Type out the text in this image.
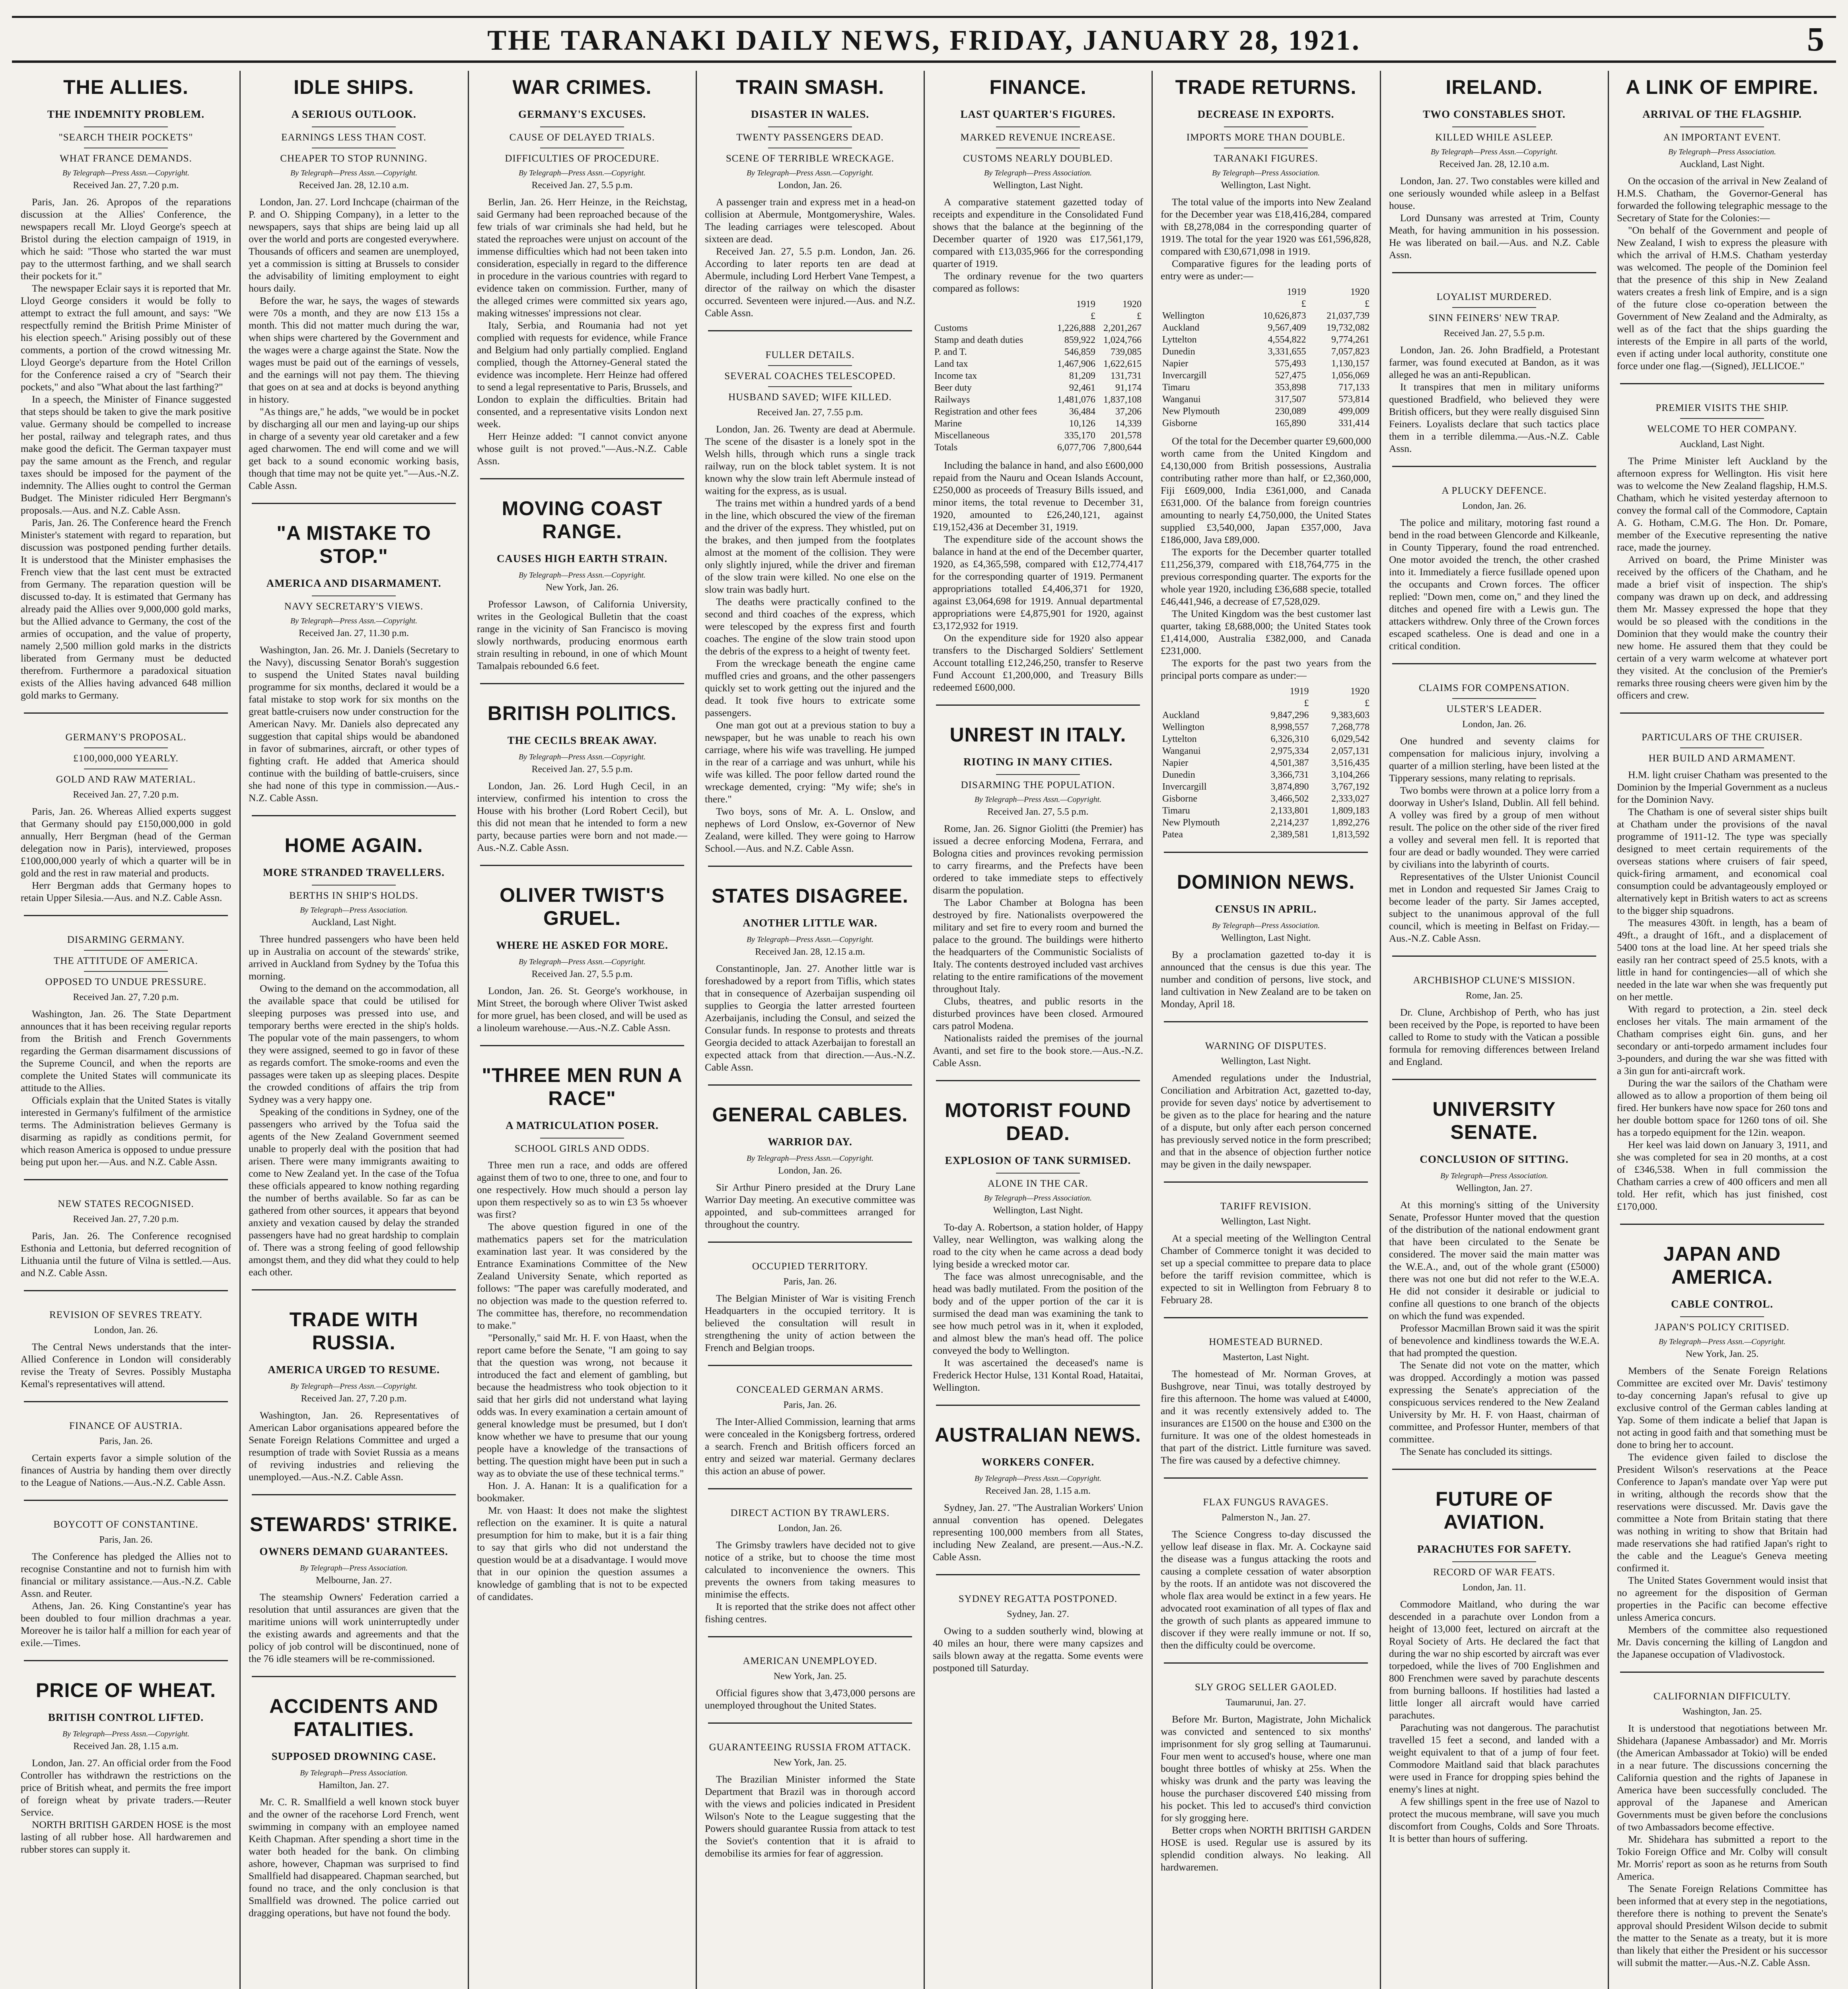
THE TARANAKI DAILY NEWS, FRIDAY, JANUARY 28, 1921.	5
THE ALLIES.
THE INDEMNITY PROBLEM.
"SEARCH THEIR POCKETS"
WHAT FRANCE DEMANDS.
By Telegraph—Press Assn.—Copyright.
Received Jan. 27, 7.20 p.m.

Paris, Jan. 26. Apropos of the reparations discussion at the Allies' Conference, the newspapers recall Mr. Lloyd George's speech at Bristol during the election campaign of 1919, in which he said: "Those who started the war must pay to the uttermost farthing, and we shall search their pockets for it."

The newspaper Eclair says it is reported that Mr. Lloyd George considers it would be folly to attempt to extract the full amount, and says: "We respectfully remind the British Prime Minister of his election speech." Arising possibly out of these comments, a portion of the crowd witnessing Mr. Lloyd George's departure from the Hotel Crillon for the Conference raised a cry of "Search their pockets," and also "What about the last farthing?"

In a speech, the Minister of Finance suggested that steps should be taken to give the mark positive value. Germany should be compelled to increase her postal, railway and telegraph rates, and thus make good the deficit. The German taxpayer must pay the same amount as the French, and regular taxes should be imposed for the payment of the indemnity. The Allies ought to control the German Budget. The Minister ridiculed Herr Bergmann's proposals.—Aus. and N.Z. Cable Assn.

Paris, Jan. 26. The Conference heard the French Minister's statement with regard to reparation, but discussion was postponed pending further details. It is understood that the Minister emphasises the French view that the last cent must be extracted from Germany. The reparation question will be discussed to-day. It is estimated that Germany has already paid the Allies over 9,000,000 gold marks, but the Allied advance to Germany, the cost of the armies of occupation, and the value of property, namely 2,500 million gold marks in the districts liberated from Germany must be deducted therefrom. Furthermore a paradoxical situation exists of the Allies having advanced 648 million gold marks to Germany.

GERMANY'S PROPOSAL.
£100,000,000 YEARLY.
GOLD AND RAW MATERIAL.
Received Jan. 27, 7.20 p.m.

Paris, Jan. 26. Whereas Allied experts suggest that Germany should pay £150,000,000 in gold annually, Herr Bergman (head of the German delegation now in Paris), interviewed, proposes £100,000,000 yearly of which a quarter will be in gold and the rest in raw material and products.

Herr Bergman adds that Germany hopes to retain Upper Silesia.—Aus. and N.Z. Cable Assn.

DISARMING GERMANY.
THE ATTITUDE OF AMERICA.
OPPOSED TO UNDUE PRESSURE.
Received Jan. 27, 7.20 p.m.

Washington, Jan. 26. The State Department announces that it has been receiving regular reports from the British and French Governments regarding the German disarmament discussions of the Supreme Council, and when the reports are complete the United States will communicate its attitude to the Allies.

Officials explain that the United States is vitally interested in Germany's fulfilment of the armistice terms. The Administration believes Germany is disarming as rapidly as conditions permit, for which reason America is opposed to undue pressure being put upon her.—Aus. and N.Z. Cable Assn.

NEW STATES RECOGNISED.
Received Jan. 27, 7.20 p.m.

Paris, Jan. 26. The Conference recognised Esthonia and Lettonia, but deferred recognition of Lithuania until the future of Vilna is settled.—Aus. and N.Z. Cable Assn.

REVISION OF SEVRES TREATY.
London, Jan. 26.

The Central News understands that the inter-Allied Conference in London will considerably revise the Treaty of Sevres. Possibly Mustapha Kemal's representatives will attend.

FINANCE OF AUSTRIA.
Paris, Jan. 26.

Certain experts favor a simple solution of the finances of Austria by handing them over directly to the League of Nations.—Aus.-N.Z. Cable Assn.

BOYCOTT OF CONSTANTINE.
Paris, Jan. 26.

The Conference has pledged the Allies not to recognise Constantine and not to furnish him with financial or military assistance.—Aus.-N.Z. Cable Assn. and Reuter.

Athens, Jan. 26. King Constantine's year has been doubled to four million drachmas a year. Moreover he is tailor half a million for each year of exile.—Times.

PRICE OF WHEAT.
BRITISH CONTROL LIFTED.
By Telegraph—Press Assn.—Copyright.
Received Jan. 28, 1.15 a.m.

London, Jan. 27. An official order from the Food Controller has withdrawn the restrictions on the price of British wheat, and permits the free import of foreign wheat by private traders.—Reuter Service.

NORTH BRITISH GARDEN HOSE is the most lasting of all rubber hose. All hardwaremen and rubber stores can supply it.

IDLE SHIPS.
A SERIOUS OUTLOOK.
EARNINGS LESS THAN COST.
CHEAPER TO STOP RUNNING.
By Telegraph—Press Assn.—Copyright.
Received Jan. 28, 12.10 a.m.

London, Jan. 27. Lord Inchcape (chairman of the P. and O. Shipping Company), in a letter to the newspapers, says that ships are being laid up all over the world and ports are congested everywhere. Thousands of officers and seamen are unemployed, yet a commission is sitting at Brussels to consider the advisability of limiting employment to eight hours daily.

Before the war, he says, the wages of stewards were 70s a month, and they are now £13 15s a month. This did not matter much during the war, when ships were chartered by the Government and the wages were a charge against the State. Now the wages must be paid out of the earnings of vessels, and the earnings will not pay them. The thieving that goes on at sea and at docks is beyond anything in history.

"As things are," he adds, "we would be in pocket by discharging all our men and laying-up our ships in charge of a seventy year old caretaker and a few aged charwomen. The end will come and we will get back to a sound economic working basis, though that time may not be quite yet."—Aus.-N.Z. Cable Assn.

"A MISTAKE TO STOP."
AMERICA AND DISARMAMENT.
NAVY SECRETARY'S VIEWS.
By Telegraph—Press Assn.—Copyright.
Received Jan. 27, 11.30 p.m.

Washington, Jan. 26. Mr. J. Daniels (Secretary to the Navy), discussing Senator Borah's suggestion to suspend the United States naval building programme for six months, declared it would be a fatal mistake to stop work for six months on the great battle-cruisers now under construction for the American Navy. Mr. Daniels also deprecated any suggestion that capital ships would be abandoned in favor of submarines, aircraft, or other types of fighting craft. He added that America should continue with the building of battle-cruisers, since she had none of this type in commission.—Aus.-N.Z. Cable Assn.

HOME AGAIN.
MORE STRANDED TRAVELLERS.
BERTHS IN SHIP'S HOLDS.
By Telegraph—Press Association.
Auckland, Last Night.

Three hundred passengers who have been held up in Australia on account of the stewards' strike, arrived in Auckland from Sydney by the Tofua this morning.

Owing to the demand on the accommodation, all the available space that could be utilised for sleeping purposes was pressed into use, and temporary berths were erected in the ship's holds. The popular vote of the main passengers, to whom they were assigned, seemed to go in favor of these as regards comfort. The smoke-rooms and even the passages were taken up as sleeping places. Despite the crowded conditions of affairs the trip from Sydney was a very happy one.

Speaking of the conditions in Sydney, one of the passengers who arrived by the Tofua said the agents of the New Zealand Government seemed unable to properly deal with the position that had arisen. There were many immigrants awaiting to come to New Zealand yet. In the case of the Tofua these officials appeared to know nothing regarding the number of berths available. So far as can be gathered from other sources, it appears that beyond anxiety and vexation caused by delay the stranded passengers have had no great hardship to complain of. There was a strong feeling of good fellowship amongst them, and they did what they could to help each other.

TRADE WITH RUSSIA.
AMERICA URGED TO RESUME.
By Telegraph—Press Assn.—Copyright.
Received Jan. 27, 7.20 p.m.

Washington, Jan. 26. Representatives of American Labor organisations appeared before the Senate Foreign Relations Committee and urged a resumption of trade with Soviet Russia as a means of reviving industries and relieving the unemployed.—Aus.-N.Z. Cable Assn.

STEWARDS' STRIKE.
OWNERS DEMAND GUARANTEES.
By Telegraph—Press Association.
Melbourne, Jan. 27.

The steamship Owners' Federation carried a resolution that until assurances are given that the maritime unions will work uninterruptedly under the existing awards and agreements and that the policy of job control will be discontinued, none of the 76 idle steamers will be re-commissioned.

ACCIDENTS AND FATALITIES.
SUPPOSED DROWNING CASE.
By Telegraph—Press Association.
Hamilton, Jan. 27.

Mr. C. R. Smallfield a well known stock buyer and the owner of the racehorse Lord French, went swimming in company with an employee named Keith Chapman. After spending a short time in the water both headed for the bank. On climbing ashore, however, Chapman was surprised to find Smallfield had disappeared. Chapman searched, but found no trace, and the only conclusion is that Smallfield was drowned. The police carried out dragging operations, but have not found the body.

WAR CRIMES.
GERMANY'S EXCUSES.
CAUSE OF DELAYED TRIALS.
DIFFICULTIES OF PROCEDURE.
By Telegraph—Press Assn.—Copyright.
Received Jan. 27, 5.5 p.m.

Berlin, Jan. 26. Herr Heinze, in the Reichstag, said Germany had been reproached because of the few trials of war criminals she had held, but he stated the reproaches were unjust on account of the immense difficulties which had not been taken into consideration, especially in regard to the difference in procedure in the various countries with regard to evidence taken on commission. Further, many of the alleged crimes were committed six years ago, making witnesses' impressions not clear.

Italy, Serbia, and Roumania had not yet complied with requests for evidence, while France and Belgium had only partially complied. England complied, though the Attorney-General stated the evidence was incomplete. Herr Heinze had offered to send a legal representative to Paris, Brussels, and London to explain the difficulties. Britain had consented, and a representative visits London next week.

Herr Heinze added: "I cannot convict anyone whose guilt is not proved."—Aus.-N.Z. Cable Assn.

MOVING COAST RANGE.
CAUSES HIGH EARTH STRAIN.
By Telegraph—Press Assn.—Copyright.
New York, Jan. 26.

Professor Lawson, of California University, writes in the Geological Bulletin that the coast range in the vicinity of San Francisco is moving slowly northwards, producing enormous earth strain resulting in rebound, in one of which Mount Tamalpais rebounded 6.6 feet.

BRITISH POLITICS.
THE CECILS BREAK AWAY.
By Telegraph—Press Assn.—Copyright.
Received Jan. 27, 5.5 p.m.

London, Jan. 26. Lord Hugh Cecil, in an interview, confirmed his intention to cross the House with his brother (Lord Robert Cecil), but this did not mean that he intended to form a new party, because parties were born and not made.—Aus.-N.Z. Cable Assn.

OLIVER TWIST'S GRUEL.
WHERE HE ASKED FOR MORE.
By Telegraph—Press Assn.—Copyright.
Received Jan. 27, 5.5 p.m.

London, Jan. 26. St. George's workhouse, in Mint Street, the borough where Oliver Twist asked for more gruel, has been closed, and will be used as a linoleum warehouse.—Aus.-N.Z. Cable Assn.

"THREE MEN RUN A RACE"
A MATRICULATION POSER.
SCHOOL GIRLS AND ODDS.

Three men run a race, and odds are offered against them of two to one, three to one, and four to one respectively. How much should a person lay upon them respectively so as to win £3 5s whoever was first?

The above question figured in one of the mathematics papers set for the matriculation examination last year. It was considered by the Entrance Examinations Committee of the New Zealand University Senate, which reported as follows: "The paper was carefully moderated, and no objection was made to the question referred to. The committee has, therefore, no recommendation to make."

"Personally," said Mr. H. F. von Haast, when the report came before the Senate, "I am going to say that the question was wrong, not because it introduced the fact and element of gambling, but because the headmistress who took objection to it said that her girls did not understand what laying odds was. In every examination a certain amount of general knowledge must be presumed, but I don't know whether we have to presume that our young people have a knowledge of the transactions of betting. The question might have been put in such a way as to obviate the use of these technical terms."

Hon. J. A. Hanan: It is a qualification for a bookmaker.

Mr. von Haast: It does not make the slightest reflection on the examiner. It is quite a natural presumption for him to make, but it is a fair thing to say that girls who did not understand the question would be at a disadvantage. I would move that in our opinion the question assumes a knowledge of gambling that is not to be expected of candidates.

TRAIN SMASH.
DISASTER IN WALES.
TWENTY PASSENGERS DEAD.
SCENE OF TERRIBLE WRECKAGE.
By Telegraph—Press Assn.—Copyright.
London, Jan. 26.

A passenger train and express met in a head-on collision at Abermule, Montgomeryshire, Wales. The leading carriages were telescoped. About sixteen are dead.

Received Jan. 27, 5.5 p.m. London, Jan. 26. According to later reports ten are dead at Abermule, including Lord Herbert Vane Tempest, a director of the railway on which the disaster occurred. Seventeen were injured.—Aus. and N.Z. Cable Assn.

FULLER DETAILS.
SEVERAL COACHES TELESCOPED.
HUSBAND SAVED; WIFE KILLED.
Received Jan. 27, 7.55 p.m.

London, Jan. 26. Twenty are dead at Abermule. The scene of the disaster is a lonely spot in the Welsh hills, through which runs a single track railway, run on the block tablet system. It is not known why the slow train left Abermule instead of waiting for the express, as is usual.

The trains met within a hundred yards of a bend in the line, which obscured the view of the fireman and the driver of the express. They whistled, put on the brakes, and then jumped from the footplates almost at the moment of the collision. They were only slightly injured, while the driver and fireman of the slow train were killed. No one else on the slow train was badly hurt.

The deaths were practically confined to the second and third coaches of the express, which were telescoped by the express first and fourth coaches. The engine of the slow train stood upon the debris of the express to a height of twenty feet.

From the wreckage beneath the engine came muffled cries and groans, and the other passengers quickly set to work getting out the injured and the dead. It took five hours to extricate some passengers.

One man got out at a previous station to buy a newspaper, but he was unable to reach his own carriage, where his wife was travelling. He jumped in the rear of a carriage and was unhurt, while his wife was killed. The poor fellow darted round the wreckage demented, crying: "My wife; she's in there."

Two boys, sons of Mr. A. L. Onslow, and nephews of Lord Onslow, ex-Governor of New Zealand, were killed. They were going to Harrow School.—Aus. and N.Z. Cable Assn.

STATES DISAGREE.
ANOTHER LITTLE WAR.
By Telegraph—Press Assn.—Copyright.
Received Jan. 28, 12.15 a.m.

Constantinople, Jan. 27. Another little war is foreshadowed by a report from Tiflis, which states that in consequence of Azerbaijan suspending oil supplies to Georgia the latter arrested fourteen Azerbaijanis, including the Consul, and seized the Consular funds. In response to protests and threats Georgia decided to attack Azerbaijan to forestall an expected attack from that direction.—Aus.-N.Z. Cable Assn.

GENERAL CABLES.
WARRIOR DAY.
By Telegraph—Press Assn.—Copyright.
London, Jan. 26.

Sir Arthur Pinero presided at the Drury Lane Warrior Day meeting. An executive committee was appointed, and sub-committees arranged for throughout the country.

OCCUPIED TERRITORY.
Paris, Jan. 26.

The Belgian Minister of War is visiting French Headquarters in the occupied territory. It is believed the consultation will result in strengthening the unity of action between the French and Belgian troops.

CONCEALED GERMAN ARMS.
Paris, Jan. 26.

The Inter-Allied Commission, learning that arms were concealed in the Konigsberg fortress, ordered a search. French and British officers forced an entry and seized war material. Germany declares this action an abuse of power.

DIRECT ACTION BY TRAWLERS.
London, Jan. 26.

The Grimsby trawlers have decided not to give notice of a strike, but to choose the time most calculated to inconvenience the owners. This prevents the owners from taking measures to minimise the effects.

It is reported that the strike does not affect other fishing centres.

AMERICAN UNEMPLOYED.
New York, Jan. 25.

Official figures show that 3,473,000 persons are unemployed throughout the United States.

GUARANTEEING RUSSIA FROM ATTACK.
New York, Jan. 25.

The Brazilian Minister informed the State Department that Brazil was in thorough accord with the views and policies indicated in President Wilson's Note to the League suggesting that the Powers should guarantee Russia from attack to test the Soviet's contention that it is afraid to demobilise its armies for fear of aggression.

FINANCE.
LAST QUARTER'S FIGURES.
MARKED REVENUE INCREASE.
CUSTOMS NEARLY DOUBLED.
By Telegraph—Press Association.
Wellington, Last Night.

A comparative statement gazetted today of receipts and expenditure in the Consolidated Fund shows that the balance at the beginning of the December quarter of 1920 was £17,561,179, compared with £13,035,966 for the corresponding quarter of 1919.

The ordinary revenue for the two quarters compared as follows:

	1919	1920
	£	£
Customs	1,226,888	2,201,267
Stamp and death duties	859,922	1,024,766
P. and T.	546,859	739,085
Land tax	1,467,906	1,622,615
Income tax	81,209	131,731
Beer duty	92,461	91,174
Railways	1,481,076	1,837,108
Registration and other fees	36,484	37,206
Marine	10,126	14,339
Miscellaneous	335,170	201,578
Totals	6,077,706	7,800,644

Including the balance in hand, and also £600,000 repaid from the Nauru and Ocean Islands Account, £250,000 as proceeds of Treasury Bills issued, and minor items, the total revenue to December 31, 1920, amounted to £26,240,121, against £19,152,436 at December 31, 1919.

The expenditure side of the account shows the balance in hand at the end of the December quarter, 1920, as £4,365,598, compared with £12,774,417 for the corresponding quarter of 1919. Permanent appropriations totalled £4,406,371 for 1920, against £3,064,698 for 1919. Annual departmental appropriations were £4,875,901 for 1920, against £3,172,932 for 1919.

On the expenditure side for 1920 also appear transfers to the Discharged Soldiers' Settlement Account totalling £12,246,250, transfer to Reserve Fund Account £1,200,000, and Treasury Bills redeemed £600,000.

UNREST IN ITALY.
RIOTING IN MANY CITIES.
DISARMING THE POPULATION.
By Telegraph—Press Assn.—Copyright.
Received Jan. 27, 5.5 p.m.

Rome, Jan. 26. Signor Giolitti (the Premier) has issued a decree enforcing Modena, Ferrara, and Bologna cities and provinces revoking permission to carry firearms, and the Prefects have been ordered to take immediate steps to effectively disarm the population.

The Labor Chamber at Bologna has been destroyed by fire. Nationalists overpowered the military and set fire to every room and burned the palace to the ground. The buildings were hitherto the headquarters of the Communistic Socialists of Italy. The contents destroyed included vast archives relating to the entire ramifications of the movement throughout Italy.

Clubs, theatres, and public resorts in the disturbed provinces have been closed. Armoured cars patrol Modena.

Nationalists raided the premises of the journal Avanti, and set fire to the book store.—Aus.-N.Z. Cable Assn.

MOTORIST FOUND DEAD.
EXPLOSION OF TANK SURMISED.
ALONE IN THE CAR.
By Telegraph—Press Association.
Wellington, Last Night.

To-day A. Robertson, a station holder, of Happy Valley, near Wellington, was walking along the road to the city when he came across a dead body lying beside a wrecked motor car.

The face was almost unrecognisable, and the head was badly mutilated. From the position of the body and of the upper portion of the car it is surmised the dead man was examining the tank to see how much petrol was in it, when it exploded, and almost blew the man's head off. The police conveyed the body to Wellington.

It was ascertained the deceased's name is Frederick Hector Hulse, 131 Kontal Road, Hataitai, Wellington.

AUSTRALIAN NEWS.
WORKERS CONFER.
By Telegraph—Press Assn.—Copyright.
Received Jan. 28, 1.15 a.m.

Sydney, Jan. 27. "The Australian Workers' Union annual convention has opened. Delegates representing 100,000 members from all States, including New Zealand, are present.—Aus.-N.Z. Cable Assn.

SYDNEY REGATTA POSTPONED.
Sydney, Jan. 27.

Owing to a sudden southerly wind, blowing at 40 miles an hour, there were many capsizes and sails blown away at the regatta. Some events were postponed till Saturday.

TRADE RETURNS.
DECREASE IN EXPORTS.
IMPORTS MORE THAN DOUBLE.
TARANAKI FIGURES.
By Telegraph—Press Association.
Wellington, Last Night.

The total value of the imports into New Zealand for the December year was £18,416,284, compared with £8,278,084 in the corresponding quarter of 1919. The total for the year 1920 was £61,596,828, compared with £30,671,098 in 1919.

Comparative figures for the leading ports of entry were as under:—

	1919	1920
	£	£
Wellington	10,626,873	21,037,739
Auckland	9,567,409	19,732,082
Lyttelton	4,554,822	9,774,261
Dunedin	3,331,655	7,057,823
Napier	575,493	1,130,157
Invercargill	527,475	1,056,069
Timaru	353,898	717,133
Wanganui	317,507	573,814
New Plymouth	230,089	499,009
Gisborne	165,890	331,414

Of the total for the December quarter £9,600,000 worth came from the United Kingdom and £4,130,000 from British possessions, Australia contributing rather more than half, or £2,360,000, Fiji £609,000, India £361,000, and Canada £631,000. Of the balance from foreign countries amounting to nearly £4,750,000, the United States supplied £3,540,000, Japan £357,000, Java £186,000, Java £89,000.

The exports for the December quarter totalled £11,256,379, compared with £18,764,775 in the previous corresponding quarter. The exports for the whole year 1920, including £36,688 specie, totalled £46,441,946, a decrease of £7,528,029.

The United Kingdom was the best customer last quarter, taking £8,688,000; the United States took £1,414,000, Australia £382,000, and Canada £231,000.

The exports for the past two years from the principal ports compare as under:—

	1919	1920
	£	£
Auckland	9,847,296	9,383,603
Wellington	8,998,557	7,268,778
Lyttelton	6,326,310	6,029,542
Wanganui	2,975,334	2,057,131
Napier	4,501,387	3,516,435
Dunedin	3,366,731	3,104,266
Invercargill	3,874,890	3,767,192
Gisborne	3,466,502	2,333,027
Timaru	2,133,801	1,809,183
New Plymouth	2,214,237	1,892,276
Patea	2,389,581	1,813,592
DOMINION NEWS.
CENSUS IN APRIL.
By Telegraph—Press Association.
Wellington, Last Night.

By a proclamation gazetted to-day it is announced that the census is due this year. The number and condition of persons, live stock, and land cultivation in New Zealand are to be taken on Monday, April 18.

WARNING OF DISPUTES.
Wellington, Last Night.

Amended regulations under the Industrial, Conciliation and Arbitration Act, gazetted to-day, provide for seven days' notice by advertisement to be given as to the place for hearing and the nature of a dispute, but only after each person concerned has previously served notice in the form prescribed; and that in the absence of objection further notice may be given in the daily newspaper.

TARIFF REVISION.
Wellington, Last Night.

At a special meeting of the Wellington Central Chamber of Commerce tonight it was decided to set up a special committee to prepare data to place before the tariff revision committee, which is expected to sit in Wellington from February 8 to February 28.

HOMESTEAD BURNED.
Masterton, Last Night.

The homestead of Mr. Norman Groves, at Bushgrove, near Tinui, was totally destroyed by fire this afternoon. The home was valued at £4000, and it was recently extensively added to. The insurances are £1500 on the house and £300 on the furniture. It was one of the oldest homesteads in that part of the district. Little furniture was saved. The fire was caused by a defective chimney.

FLAX FUNGUS RAVAGES.
Palmerston N., Jan. 27.

The Science Congress to-day discussed the yellow leaf disease in flax. Mr. A. Cockayne said the disease was a fungus attacking the roots and causing a complete cessation of water absorption by the roots. If an antidote was not discovered the whole flax area would be extinct in a few years. He advocated root examination of all types of flax and the growth of such plants as appeared immune to discover if they were really immune or not. If so, then the difficulty could be overcome.

SLY GROG SELLER GAOLED.
Taumarunui, Jan. 27.

Before Mr. Burton, Magistrate, John Michalick was convicted and sentenced to six months' imprisonment for sly grog selling at Taumarunui. Four men went to accused's house, where one man bought three bottles of whisky at 25s. When the whisky was drunk and the party was leaving the house the purchaser discovered £40 missing from his pocket. This led to accused's third conviction for sly grogging here.

Better crops when NORTH BRITISH GARDEN HOSE is used. Regular use is assured by its splendid condition always. No leaking. All hardwaremen.

IRELAND.
TWO CONSTABLES SHOT.
KILLED WHILE ASLEEP.
By Telegraph—Press Assn.—Copyright.
Received Jan. 28, 12.10 a.m.

London, Jan. 27. Two constables were killed and one seriously wounded while asleep in a Belfast house.

Lord Dunsany was arrested at Trim, County Meath, for having ammunition in his possession. He was liberated on bail.—Aus. and N.Z. Cable Assn.

LOYALIST MURDERED.
SINN FEINERS' NEW TRAP.
Received Jan. 27, 5.5 p.m.

London, Jan. 26. John Bradfield, a Protestant farmer, was found executed at Bandon, as it was alleged he was an anti-Republican.

It transpires that men in military uniforms questioned Bradfield, who believed they were British officers, but they were really disguised Sinn Feiners. Loyalists declare that such tactics place them in a terrible dilemma.—Aus.-N.Z. Cable Assn.

A PLUCKY DEFENCE.
London, Jan. 26.

The police and military, motoring fast round a bend in the road between Glencorde and Kilkeanle, in County Tipperary, found the road entrenched. One motor avoided the trench, the other crashed into it. Immediately a fierce fusillade opened upon the occupants and Crown forces. The officer replied: "Down men, come on," and they lined the ditches and opened fire with a Lewis gun. The attackers withdrew. Only three of the Crown forces escaped scatheless. One is dead and one in a critical condition.

CLAIMS FOR COMPENSATION.
ULSTER'S LEADER.
London, Jan. 26.

One hundred and seventy claims for compensation for malicious injury, involving a quarter of a million sterling, have been listed at the Tipperary sessions, many relating to reprisals.

Two bombs were thrown at a police lorry from a doorway in Usher's Island, Dublin. All fell behind. A volley was fired by a group of men without result. The police on the other side of the river fired a volley and several men fell. It is reported that four are dead or badly wounded. They were carried by civilians into the labyrinth of courts.

Representatives of the Ulster Unionist Council met in London and requested Sir James Craig to become leader of the party. Sir James accepted, subject to the unanimous approval of the full council, which is meeting in Belfast on Friday.—Aus.-N.Z. Cable Assn.

ARCHBISHOP CLUNE'S MISSION.
Rome, Jan. 25.

Dr. Clune, Archbishop of Perth, who has just been received by the Pope, is reported to have been called to Rome to study with the Vatican a possible formula for removing differences between Ireland and England.

UNIVERSITY SENATE.
CONCLUSION OF SITTING.
By Telegraph—Press Association.
Wellington, Jan. 27.

At this morning's sitting of the University Senate, Professor Hunter moved that the question of the distribution of the national endowment grant that have been circulated to the Senate be considered. The mover said the main matter was the W.E.A., and, out of the whole grant (£5000) there was not one but did not refer to the W.E.A. He did not consider it desirable or judicial to confine all questions to one branch of the objects on which the fund was expended.

Professor Macmillan Brown said it was the spirit of benevolence and kindliness towards the W.E.A. that had prompted the question.

The Senate did not vote on the matter, which was dropped. Accordingly a motion was passed expressing the Senate's appreciation of the conspicuous services rendered to the New Zealand University by Mr. H. F. von Haast, chairman of committee, and Professor Hunter, members of that committee.

The Senate has concluded its sittings.

FUTURE OF AVIATION.
PARACHUTES FOR SAFETY.
RECORD OF WAR FEATS.
London, Jan. 11.

Commodore Maitland, who during the war descended in a parachute over London from a height of 13,000 feet, lectured on aircraft at the Royal Society of Arts. He declared the fact that during the war no ship escorted by aircraft was ever torpedoed, while the lives of 700 Englishmen and 800 Frenchmen were saved by parachute descents from burning balloons. If hostilities had lasted a little longer all aircraft would have carried parachutes.

Parachuting was not dangerous. The parachutist travelled 15 feet a second, and landed with a weight equivalent to that of a jump of four feet. Commodore Maitland said that black parachutes were used in France for dropping spies behind the enemy's lines at night.

A few shillings spent in the free use of Nazol to protect the mucous membrane, will save you much discomfort from Coughs, Colds and Sore Throats. It is better than hours of suffering.

A LINK OF EMPIRE.
ARRIVAL OF THE FLAGSHIP.
AN IMPORTANT EVENT.
By Telegraph—Press Association.
Auckland, Last Night.

On the occasion of the arrival in New Zealand of H.M.S. Chatham, the Governor-General has forwarded the following telegraphic message to the Secretary of State for the Colonies:—

"On behalf of the Government and people of New Zealand, I wish to express the pleasure with which the arrival of H.M.S. Chatham yesterday was welcomed. The people of the Dominion feel that the presence of this ship in New Zealand waters creates a fresh link of Empire, and is a sign of the future close co-operation between the Government of New Zealand and the Admiralty, as well as of the fact that the ships guarding the interests of the Empire in all parts of the world, even if acting under local authority, constitute one force under one flag.—(Signed), JELLICOE."

PREMIER VISITS THE SHIP.
WELCOME TO HER COMPANY.
Auckland, Last Night.

The Prime Minister left Auckland by the afternoon express for Wellington. His visit here was to welcome the New Zealand flagship, H.M.S. Chatham, which he visited yesterday afternoon to convey the formal call of the Commodore, Captain A. G. Hotham, C.M.G. The Hon. Dr. Pomare, member of the Executive representing the native race, made the journey.

Arrived on board, the Prime Minister was received by the officers of the Chatham, and he made a brief visit of inspection. The ship's company was drawn up on deck, and addressing them Mr. Massey expressed the hope that they would be so pleased with the conditions in the Dominion that they would make the country their new home. He assured them that they could be certain of a very warm welcome at whatever port they visited. At the conclusion of the Premier's remarks three rousing cheers were given him by the officers and crew.

PARTICULARS OF THE CRUISER.
HER BUILD AND ARMAMENT.

H.M. light cruiser Chatham was presented to the Dominion by the Imperial Government as a nucleus for the Dominion Navy.

The Chatham is one of several sister ships built at Chatham under the provisions of the naval programme of 1911-12. The type was specially designed to meet certain requirements of the overseas stations where cruisers of fair speed, quick-firing armament, and economical coal consumption could be advantageously employed or alternatively kept in British waters to act as screens to the bigger ship squadrons.

The measures 430ft. in length, has a beam of 49ft., a draught of 16ft., and a displacement of 5400 tons at the load line. At her speed trials she easily ran her contract speed of 25.5 knots, with a little in hand for contingencies—all of which she needed in the late war when she was frequently put on her mettle.

With regard to protection, a 2in. steel deck encloses her vitals. The main armament of the Chatham comprises eight 6in. guns, and her secondary or anti-torpedo armament includes four 3-pounders, and during the war she was fitted with a 3in gun for anti-aircraft work.

During the war the sailors of the Chatham were allowed as to allow a proportion of them being oil fired. Her bunkers have now space for 260 tons and her double bottom space for 1260 tons of oil. She has a torpedo equipment for the 12in. weapon.

Her keel was laid down on January 3, 1911, and she was completed for sea in 20 months, at a cost of £346,538. When in full commission the Chatham carries a crew of 400 officers and men all told. Her refit, which has just finished, cost £170,000.

JAPAN AND AMERICA.
CABLE CONTROL.
JAPAN'S POLICY CRITISED.
By Telegraph—Press Assn.—Copyright.
New York, Jan. 25.

Members of the Senate Foreign Relations Committee are excited over Mr. Davis' testimony to-day concerning Japan's refusal to give up exclusive control of the German cables landing at Yap. Some of them indicate a belief that Japan is not acting in good faith and that something must be done to bring her to account.

The evidence given failed to disclose the President Wilson's reservations at the Peace Conference to Japan's mandate over Yap were put in writing, although the records show that the reservations were discussed. Mr. Davis gave the committee a Note from Britain stating that there was nothing in writing to show that Britain had made reservations she had ratified Japan's right to the cable and the League's Geneva meeting confirmed it.

The United States Government would insist that no agreement for the disposition of German properties in the Pacific can become effective unless America concurs.

Members of the committee also requestioned Mr. Davis concerning the killing of Langdon and the Japanese occupation of Vladivostock.

CALIFORNIAN DIFFICULTY.
Washington, Jan. 25.

It is understood that negotiations between Mr. Shidehara (Japanese Ambassador) and Mr. Morris (the American Ambassador at Tokio) will be ended in a near future. The discussions concerning the California question and the rights of Japanese in America have been successfully concluded. The approval of the Japanese and American Governments must be given before the conclusions of two Ambassadors become effective.

Mr. Shidehara has submitted a report to the Tokio Foreign Office and Mr. Colby will consult Mr. Morris' report as soon as he returns from South America.

The Senate Foreign Relations Committee has been informed that at every step in the negotiations, therefore there is nothing to prevent the Senate's approval should President Wilson decide to submit the matter to the Senate as a treaty, but it is more than likely that either the President or his successor will submit the matter.—Aus.-N.Z. Cable Assn.
